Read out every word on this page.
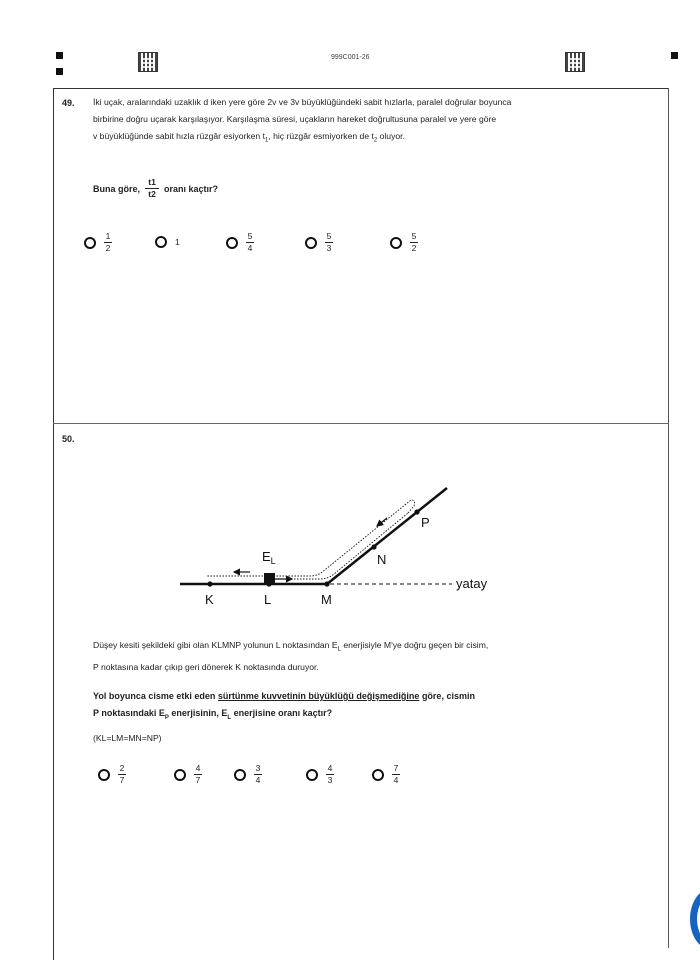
999C001-26
49. İki uçak, aralarındaki uzaklık d iken yere göre 2v ve 3v büyüklüğündeki sabit hızlarla, paralel doğrular boyunca
birbirine doğru uçarak karşılaşıyor. Karşılaşma süresi, uçakların hareket doğrultusuna paralel ve yere göre
v büyüklüğünde sabit hızla rüzgâr esiyorken $t_1$, hiç rüzgâr esmiyorken de $t_2$ oluyor.
Buna göre, $\frac{t1}{t2}$ oranı kaçtır?
$\frac{1}{2}$	1	$\frac{5}{4}$	$\frac{5}{3}$	$\frac{5}{2}$
50.
$E_L$
K	L	M
N
P
yatay
Düşey kesiti şekildeki gibi olan KLMNP yolunun L noktasından $E_L$ enerjisiyle M'ye doğru geçen bir cisim,
P noktasına kadar çıkıp geri dönerek K noktasında duruyor.
Yol boyunca cisme etki eden sürtünme kuvvetinin büyüklüğü değişmediğine göre, cismin
P noktasındaki $E_P$ enerjisinin, $E_L$ enerjisine oranı kaçtır?
(KL=LM=MN=NP)
$\frac{2}{7}$	$\frac{4}{7}$	$\frac{3}{4}$	$\frac{4}{3}$	$\frac{7}{4}$
